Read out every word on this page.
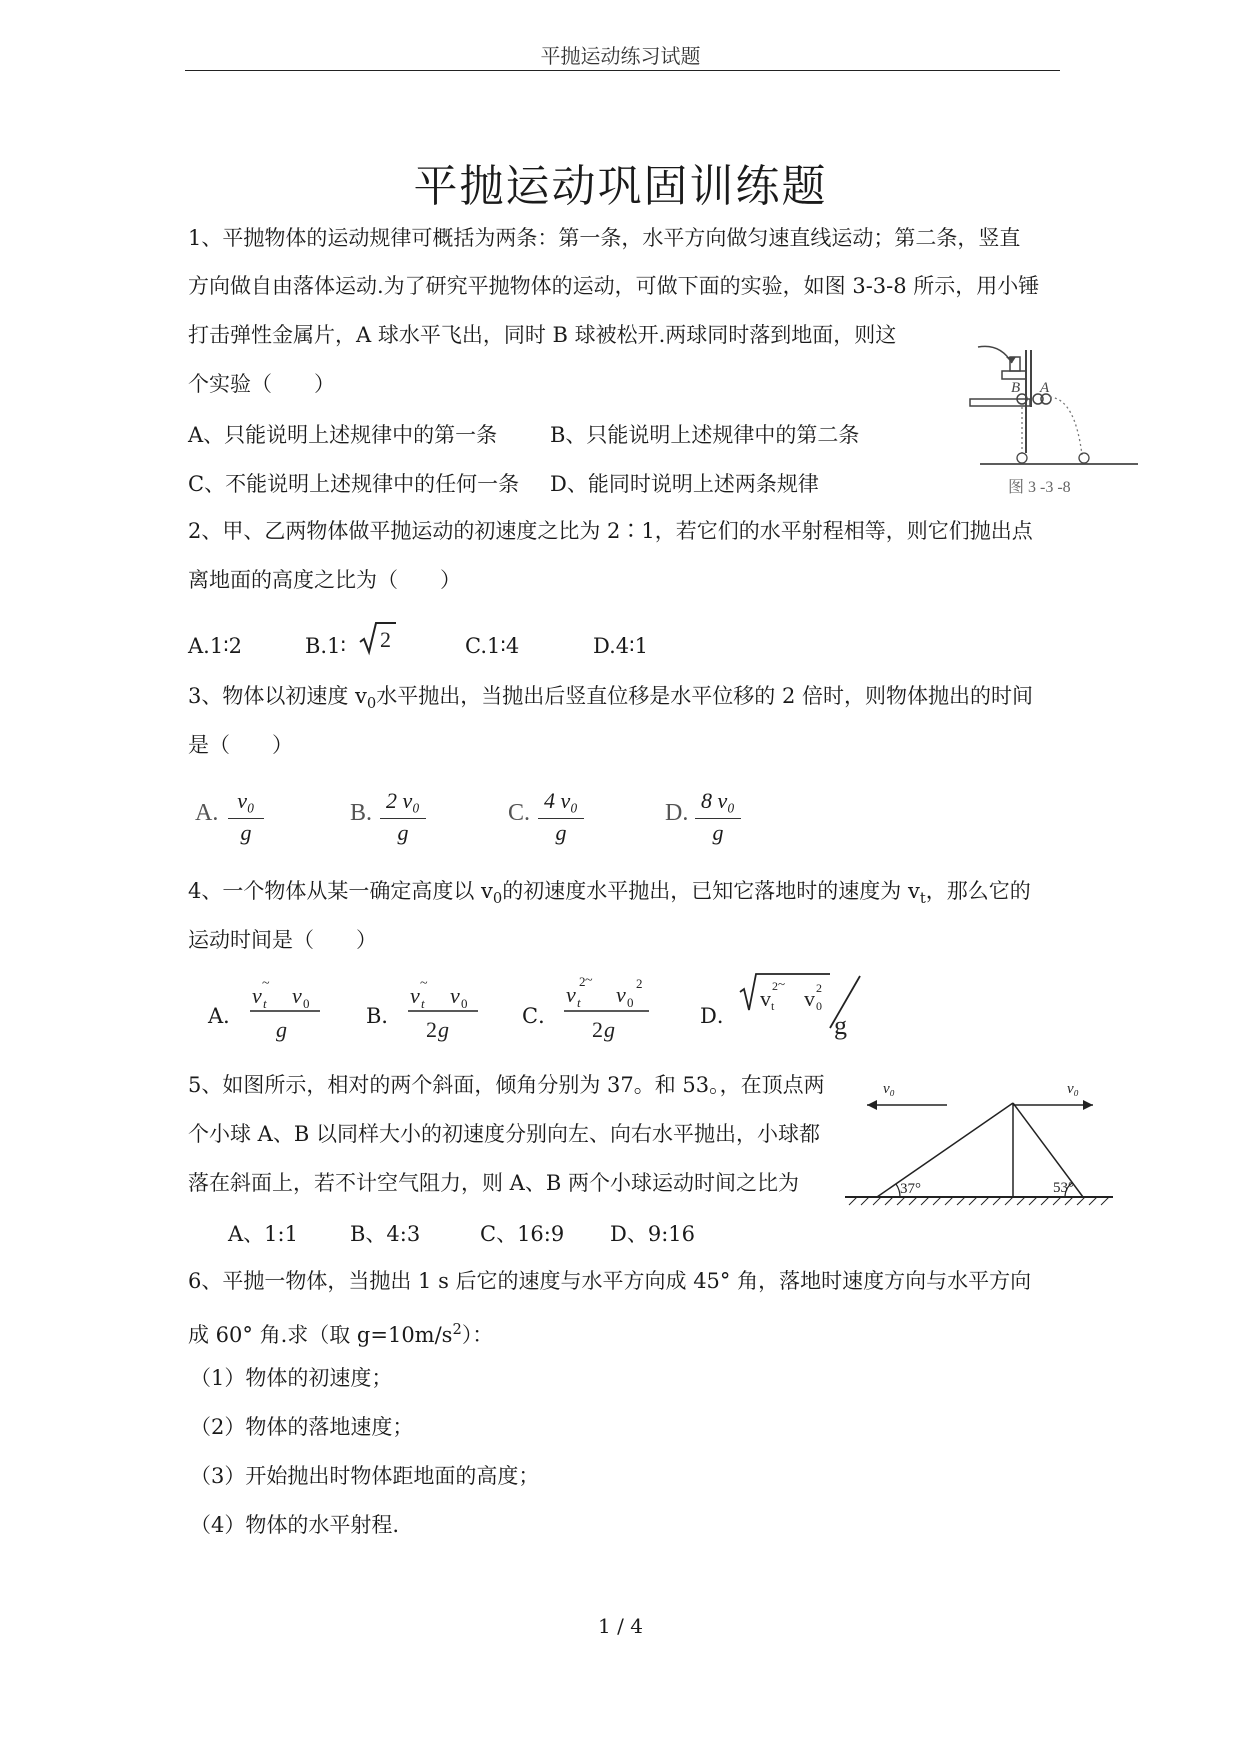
平抛运动练习试题
平抛运动巩固训练题
1、平抛物体的运动规律可概括为两条：第一条，水平方向做匀速直线运动；第二条，竖直
方向做自由落体运动.为了研究平抛物体的运动，可做下面的实验，如图 3-3-8 所示，用小锤
打击弹性金属片，A 球水平飞出，同时 B 球被松开.两球同时落到地面，则这
个实验（　　）
A、只能说明上述规律中的第一条	B、只能说明上述规律中的第二条
C、不能说明上述规律中的任何一条 D、能同时说明上述两条规律
B A
图 3 -3 -8
2、甲、乙两物体做平抛运动的初速度之比为 2∶1，若它们的水平射程相等，则它们抛出点
离地面的高度之比为（　　）
A.1∶2	B.1∶ 2	C.1∶4	D.4∶1
3、物体以初速度 $v_0$水平抛出，当抛出后竖直位移是水平位移的 2 倍时，则物体抛出的时间
是（　　）
A. v₀
g
B. 2 v₀
g
C. 4 v₀
g
D. 8 v₀
g
4、一个物体从某一确定高度以 $v_0$的初速度水平抛出，已知它落地时的速度为 $v_t$，那么它的
运动时间是（　　）
A．
v ~
t v 0
g
B．
v ~
t v 0
2 g
C．
v
2 ~
t v 0
2
2 g
D．
v t
2 ~
v 0
2
g
5、如图所示，相对的两个斜面，倾角分别为 37。和 53。，在顶点两
个小球 A、B 以同样大小的初速度分别向左、向右水平抛出，小球都
落在斜面上，若不计空气阻力，则 A、B 两个小球运动时间之比为
A、1:1 B、4:3	C、16:9 D、9:16
v₀	v₀
37°	53°
6、平抛一物体，当抛出 1 s 后它的速度与水平方向成 45° 角，落地时速度方向与水平方向
成 60° 角.求（取 $g=10m/s^2$）：
（1）物体的初速度；
（2）物体的落地速度；
（3）开始抛出时物体距地面的高度；
（4）物体的水平射程.
1 / 4
